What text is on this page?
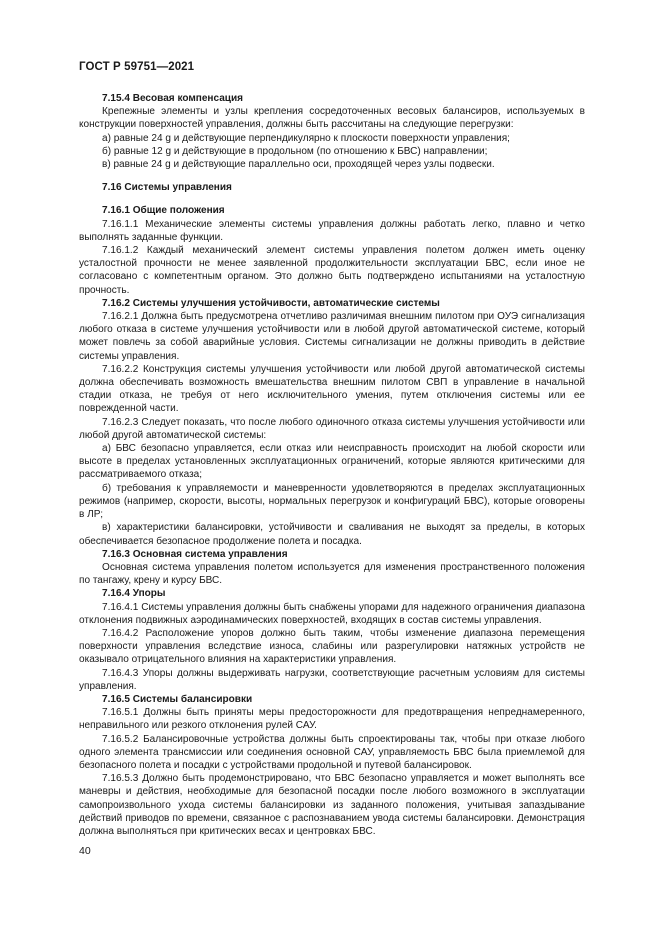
ГОСТ Р 59751—2021

7.15.4 Весовая компенсация

Крепежные элементы и узлы крепления сосредоточенных весовых балансиров, используемых в конструкции поверхностей управления, должны быть рассчитаны на следующие перегрузки:

а) равные 24 g и действующие перпендикулярно к плоскости поверхности управления;

б) равные 12 g и действующие в продольном (по отношению к БВС) направлении;

в) равные 24 g и действующие параллельно оси, проходящей через узлы подвески.

7.16 Системы управления

7.16.1 Общие положения

7.16.1.1 Механические элементы системы управления должны работать легко, плавно и четко выполнять заданные функции.

7.16.1.2 Каждый механический элемент системы управления полетом должен иметь оценку усталостной прочности не менее заявленной продолжительности эксплуатации БВС, если иное не согласовано с компетентным органом. Это должно быть подтверждено испытаниями на усталостную прочность.

7.16.2 Системы улучшения устойчивости, автоматические системы

7.16.2.1 Должна быть предусмотрена отчетливо различимая внешним пилотом при ОУЭ сигнализация любого отказа в системе улучшения устойчивости или в любой другой автоматической системе, который может повлечь за собой аварийные условия. Системы сигнализации не должны приводить в действие системы управления.

7.16.2.2 Конструкция системы улучшения устойчивости или любой другой автоматической системы должна обеспечивать возможность вмешательства внешним пилотом СВП в управление в начальной стадии отказа, не требуя от него исключительного умения, путем отключения системы или ее поврежденной части.

7.16.2.3 Следует показать, что после любого одиночного отказа системы улучшения устойчивости или любой другой автоматической системы:

а) БВС безопасно управляется, если отказ или неисправность происходит на любой скорости или высоте в пределах установленных эксплуатационных ограничений, которые являются критическими для рассматриваемого отказа;

б) требования к управляемости и маневренности удовлетворяются в пределах эксплуатационных режимов (например, скорости, высоты, нормальных перегрузок и конфигураций БВС), которые оговорены в ЛР;

в) характеристики балансировки, устойчивости и сваливания не выходят за пределы, в которых обеспечивается безопасное продолжение полета и посадка.

7.16.3 Основная система управления

Основная система управления полетом используется для изменения пространственного положения по тангажу, крену и курсу БВС.

7.16.4 Упоры

7.16.4.1 Системы управления должны быть снабжены упорами для надежного ограничения диапазона отклонения подвижных аэродинамических поверхностей, входящих в состав системы управления.

7.16.4.2 Расположение упоров должно быть таким, чтобы изменение диапазона перемещения поверхности управления вследствие износа, слабины или разрегулировки натяжных устройств не оказывало отрицательного влияния на характеристики управления.

7.16.4.3 Упоры должны выдерживать нагрузки, соответствующие расчетным условиям для системы управления.

7.16.5 Системы балансировки

7.16.5.1 Должны быть приняты меры предосторожности для предотвращения непреднамеренного, неправильного или резкого отклонения рулей САУ.

7.16.5.2 Балансировочные устройства должны быть спроектированы так, чтобы при отказе любого одного элемента трансмиссии или соединения основной САУ, управляемость БВС была приемлемой для безопасного полета и посадки с устройствами продольной и путевой балансировок.

7.16.5.3 Должно быть продемонстрировано, что БВС безопасно управляется и может выполнять все маневры и действия, необходимые для безопасной посадки после любого возможного в эксплуатации самопроизвольного ухода системы балансировки из заданного положения, учитывая запаздывание действий приводов по времени, связанное с распознаванием увода системы балансировки. Демонстрация должна выполняться при критических весах и центровках БВС.

40
